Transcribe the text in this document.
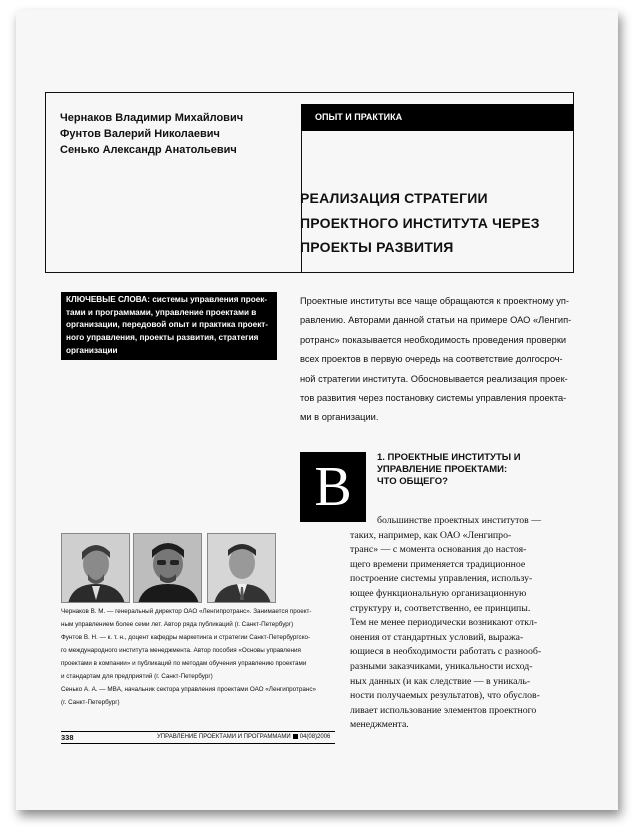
Чернаков Владимир Михайлович
Фунтов Валерий Николаевич
Сенько Александр Анатольевич
ОПЫТ И ПРАКТИКА
РЕАЛИЗАЦИЯ СТРАТЕГИИ
ПРОЕКТНОГО ИНСТИТУТА ЧЕРЕЗ
ПРОЕКТЫ РАЗВИТИЯ
КЛЮЧЕВЫЕ СЛОВА: системы управления проек-
тами и программами, управление проектами в
организации, передовой опыт и практика проект-
ного управления, проекты развития, стратегия
организации
Проектные институты все чаще обращаются к проектному уп-
равлению. Авторами данной статьи на примере ОАО «Ленгип-
ротранс» показывается необходимость проведения проверки
всех проектов в первую очередь на соответствие долгосроч-
ной стратегии института. Обосновывается реализация проек-
тов развития через постановку системы управления проекта-
ми в организации.
В	1. ПРОЕКТНЫЕ ИНСТИТУТЫ И
УПРАВЛЕНИЕ ПРОЕКТАМИ:
ЧТО ОБЩЕГО?
большинстве проектных институтов —
таких, например, как ОАО «Ленгипро-
транс» — с момента основания до настоя-
щего времени применяется традиционное
построение системы управления, использу-
ющее функциональную организационную
структуру и, соответственно, ее принципы.
Тем не менее периодически возникают откл-
онения от стандартных условий, выража-
ющиеся в необходимости работать с разнооб-
разными заказчиками, уникальности исход-
ных данных (и как следствие — в уникаль-
ности получаемых результатов), что обуслов-
ливает использование элементов проектного
менеджмента.
Чернаков В. М. — генеральный директор ОАО «Ленгипротранс». Занимается проект-
ным управлением более семи лет. Автор ряда публикаций (г. Санкт-Петербург)
Фунтов В. Н. — к. т. н., доцент кафедры маркетинга и стратегии Санкт-Петербургско-
го международного института менеджмента. Автор пособия «Основы управления
проектами в компании» и публикаций по методам обучения управлению проектами
и стандартам для предприятий (г. Санкт-Петербург)
Сенько А. А. — MBA, начальник сектора управления проектами ОАО «Ленгипротранс»
(г. Санкт-Петербург)
338	УПРАВЛЕНИЕ ПРОЕКТАМИ И ПРОГРАММАМИ 04(08)2006
